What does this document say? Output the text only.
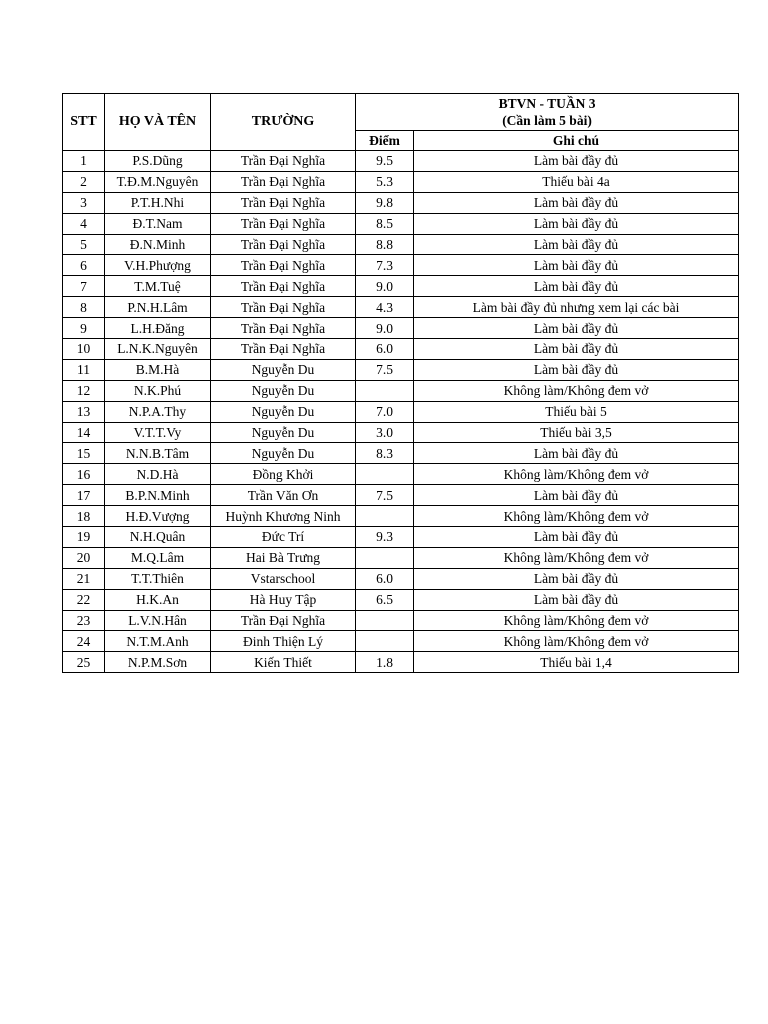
STT	HỌ VÀ TÊN	TRƯỜNG	BTVN - TUẦN 3
(Cần làm 5 bài)	

			Điểm	Ghi chú
1	P.S.Dũng	Trần Đại Nghĩa	9.5	Làm bài đầy đủ
2	T.Đ.M.Nguyên	Trần Đại Nghĩa	5.3	Thiếu bài 4a
3	P.T.H.Nhi	Trần Đại Nghĩa	9.8	Làm bài đầy đủ
4	Đ.T.Nam	Trần Đại Nghĩa	8.5	Làm bài đầy đủ
5	Đ.N.Minh	Trần Đại Nghĩa	8.8	Làm bài đầy đủ
6	V.H.Phượng	Trần Đại Nghĩa	7.3	Làm bài đầy đủ
7	T.M.Tuệ	Trần Đại Nghĩa	9.0	Làm bài đầy đủ
8	P.N.H.Lâm	Trần Đại Nghĩa	4.3	Làm bài đầy đủ nhưng xem lại các bài
9	L.H.Đăng	Trần Đại Nghĩa	9.0	Làm bài đầy đủ
10	L.N.K.Nguyên	Trần Đại Nghĩa	6.0	Làm bài đầy đủ
11	B.M.Hà	Nguyễn Du	7.5	Làm bài đầy đủ
12	N.K.Phú	Nguyễn Du		Không làm/Không đem vở
13	N.P.A.Thy	Nguyễn Du	7.0	Thiếu bài 5
14	V.T.T.Vy	Nguyễn Du	3.0	Thiếu bài 3,5
15	N.N.B.Tâm	Nguyễn Du	8.3	Làm bài đầy đủ
16	N.D.Hà	Đồng Khởi		Không làm/Không đem vở
17	B.P.N.Minh	Trần Văn Ơn	7.5	Làm bài đầy đủ
18	H.Đ.Vượng	Huỳnh Khương Ninh		Không làm/Không đem vở
19	N.H.Quân	Đức Trí	9.3	Làm bài đầy đủ
20	M.Q.Lâm	Hai Bà Trưng		Không làm/Không đem vở
21	T.T.Thiên	Vstarschool	6.0	Làm bài đầy đủ
22	H.K.An	Hà Huy Tập	6.5	Làm bài đầy đủ
23	L.V.N.Hân	Trần Đại Nghĩa		Không làm/Không đem vở
24	N.T.M.Anh	Đinh Thiện Lý		Không làm/Không đem vở
25	N.P.M.Sơn	Kiến Thiết	1.8	Thiếu bài 1,4
